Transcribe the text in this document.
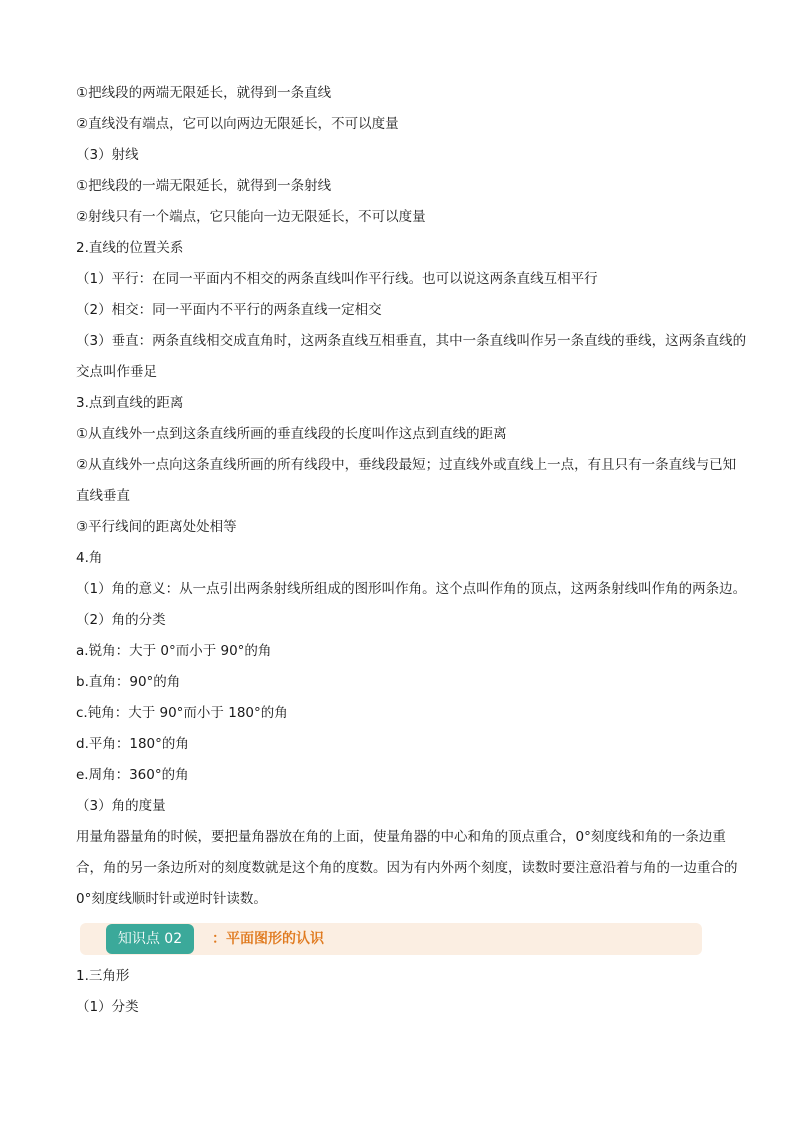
①把线段的两端无限延长，就得到一条直线
②直线没有端点，它可以向两边无限延长，不可以度量
（3）射线
①把线段的一端无限延长，就得到一条射线
②射线只有一个端点，它只能向一边无限延长，不可以度量
2.直线的位置关系
（1）平行：在同一平面内不相交的两条直线叫作平行线。也可以说这两条直线互相平行
（2）相交：同一平面内不平行的两条直线一定相交
（3）垂直：两条直线相交成直角时，这两条直线互相垂直，其中一条直线叫作另一条直线的垂线，这两条直线的交点叫作垂足
3.点到直线的距离
①从直线外一点到这条直线所画的垂直线段的长度叫作这点到直线的距离
②从直线外一点向这条直线所画的所有线段中，垂线段最短；过直线外或直线上一点，有且只有一条直线与已知直线垂直
③平行线间的距离处处相等
4.角
（1）角的意义：从一点引出两条射线所组成的图形叫作角。这个点叫作角的顶点，这两条射线叫作角的两条边。
（2）角的分类
a.锐角：大于 0°而小于 90°的角
b.直角：90°的角
c.钝角：大于 90°而小于 180°的角
d.平角：180°的角
e.周角：360°的角
（3）角的度量
用量角器量角的时候，要把量角器放在角的上面，使量角器的中心和角的顶点重合，0°刻度线和角的一条边重合，角的另一条边所对的刻度数就是这个角的度数。因为有内外两个刻度，读数时要注意沿着与角的一边重合的 0°刻度线顺时针或逆时针读数。
知识点 02	：平面图形的认识
1.三角形
（1）分类
